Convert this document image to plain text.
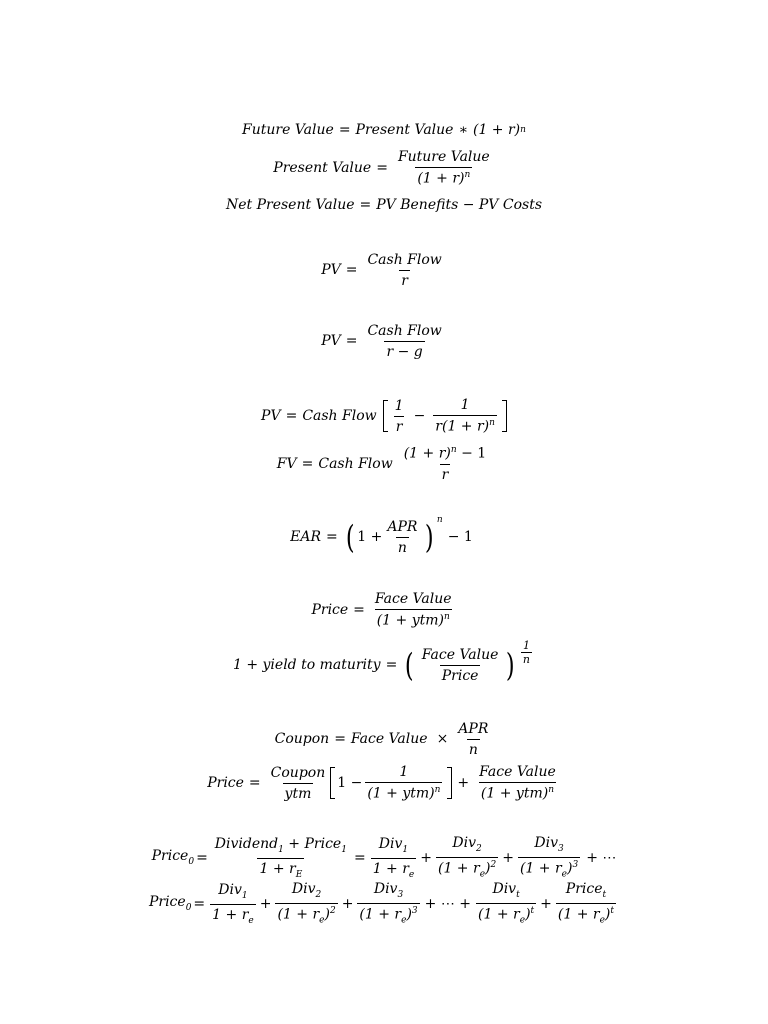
Future Value = Present Value ∗ (1 + r) n
Present Value = $\frac{\text{Future Value}}{(1 + r)^n}$
Net Present Value = PV Benefits − PV Costs
PV = $\frac{\text{Cash Flow}}{r}$
PV = $\frac{\text{Cash Flow}}{r - g}$
PV = Cash Flow $\frac{1}{r} - \frac{1}{r(1 + r)^n}$
FV = Cash Flow $\frac{(1 + r)^n - 1}{r}$
EAR = ( $1 + \frac{\text{APR}}{n}$ ) $^n$
− 1
Price = $\frac{\text{Face Value}}{(1 + ytm)^n}$
1 + yield to maturity = ( $\frac{\text{Face Value}}{\text{Price}}$ ) $\frac{1}{n}$
Coupon = Face Value × $\frac{\text{APR}}{n}$
Price = $\frac{\text{Coupon}}{\text{ytm}} 1 - \frac{1}{(1 + ytm)^n} + \frac{\text{Face Value}}{(1 + ytm)^n}$
Price$_0$ = $\frac{Dividend_1 + Price_1}{1 + r_E} = \frac{Div_1}{1 + r_e} + \frac{Div_2}{(1 + r_e)^2} + \frac{Div_3}{(1 + r_e)^3}$ + ⋯
Price$_0$ = $\frac{Div_1}{1 + r_e} + \frac{Div_2}{(1 + r_e)^2} + \frac{Div_3}{(1 + r_e)^3}$ + ⋯ + $\frac{Div_t}{(1 + r_e)^t} + \frac{Price_t}{(1 + r_e)^t}$
